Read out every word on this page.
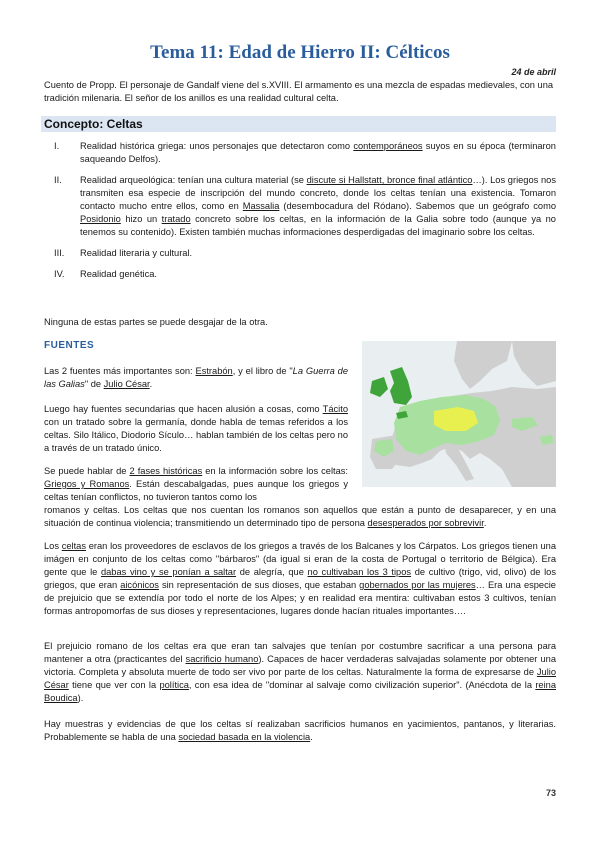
Tema 11: Edad de Hierro II: Célticos
24 de abril

Cuento de Propp. El personaje de Gandalf viene del s.XVIII. El armamento es una mezcla de espadas medievales, con una tradición milenaria. El señor de los anillos es una realidad cultural celta.

Concepto: Celtas
I. Realidad histórica griega: unos personajes que detectaron como contemporáneos suyos en su época (terminaron saqueando Delfos).
II. Realidad arqueológica: tenían una cultura material (se discute si Hallstatt, bronce final atlántico…). Los griegos nos transmiten esa especie de inscripción del mundo concreto, donde los celtas tenían una existencia. Tomaron contacto mucho entre ellos, como en Massalia (desembocadura del Ródano). Sabemos que un geógrafo como Posidonio hizo un tratado concreto sobre los celtas, en la información de la Galia sobre todo (aunque ya no tenemos su contenido). Existen también muchas informaciones desperdigadas del imaginario sobre los celtas.
III. Realidad literaria y cultural.
IV. Realidad genética.

Ninguna de estas partes se puede desgajar de la otra.

FUENTES

Las 2 fuentes más importantes son: Estrabón, y el libro de "La Guerra de las Galias" de Julio César.

Luego hay fuentes secundarias que hacen alusión a cosas, como Tácito con un tratado sobre la germanía, donde habla de temas referidos a los celtas. Silo Itálico, Diodorio Sículo… hablan también de los celtas pero no a través de un tratado único.

Se puede hablar de 2 fases históricas en la información sobre los celtas: Griegos y Romanos. Están descabalgadas, pues aunque los griegos y celtas tenían conflictos, no tuvieron tantos como los

romanos y celtas. Los celtas que nos cuentan los romanos son aquellos que están a punto de desaparecer, y en una situación de continua violencia; transmitiendo un determinado tipo de persona desesperados por sobrevivir.

Los celtas eran los proveedores de esclavos de los griegos a través de los Balcanes y los Cárpatos. Los griegos tienen una imágen en conjunto de los celtas como "bárbaros" (da igual si eran de la costa de Portugal o territorio de Bélgica). Era gente que le dabas vino y se ponían a saltar de alegría, que no cultivaban los 3 tipos de cultivo (trigo, vid, olivo) de los griegos, que eran aicónicos sin representación de sus dioses, que estaban gobernados por las mujeres… Era una especie de prejuicio que se extendía por todo el norte de los Alpes; y en realidad era mentira: cultivaban estos 3 cultivos, tenían formas antropomorfas de sus dioses y representaciones, lugares donde hacían rituales importantes….

El prejuicio romano de los celtas era que eran tan salvajes que tenían por costumbre sacrificar a una persona para mantener a otra (practicantes del sacrificio humano). Capaces de hacer verdaderas salvajadas solamente por obtener una victoria. Completa y absoluta muerte de todo ser vivo por parte de los celtas. Naturalmente la forma de expresarse de Julio César tiene que ver con la política, con esa idea de "dominar al salvaje como civilización superior". (Anécdota de la reina Boudica).

Hay muestras y evidencias de que los celtas sí realizaban sacrificios humanos en yacimientos, pantanos, y literarias. Probablemente se habla de una sociedad basada en la violencia.

73
